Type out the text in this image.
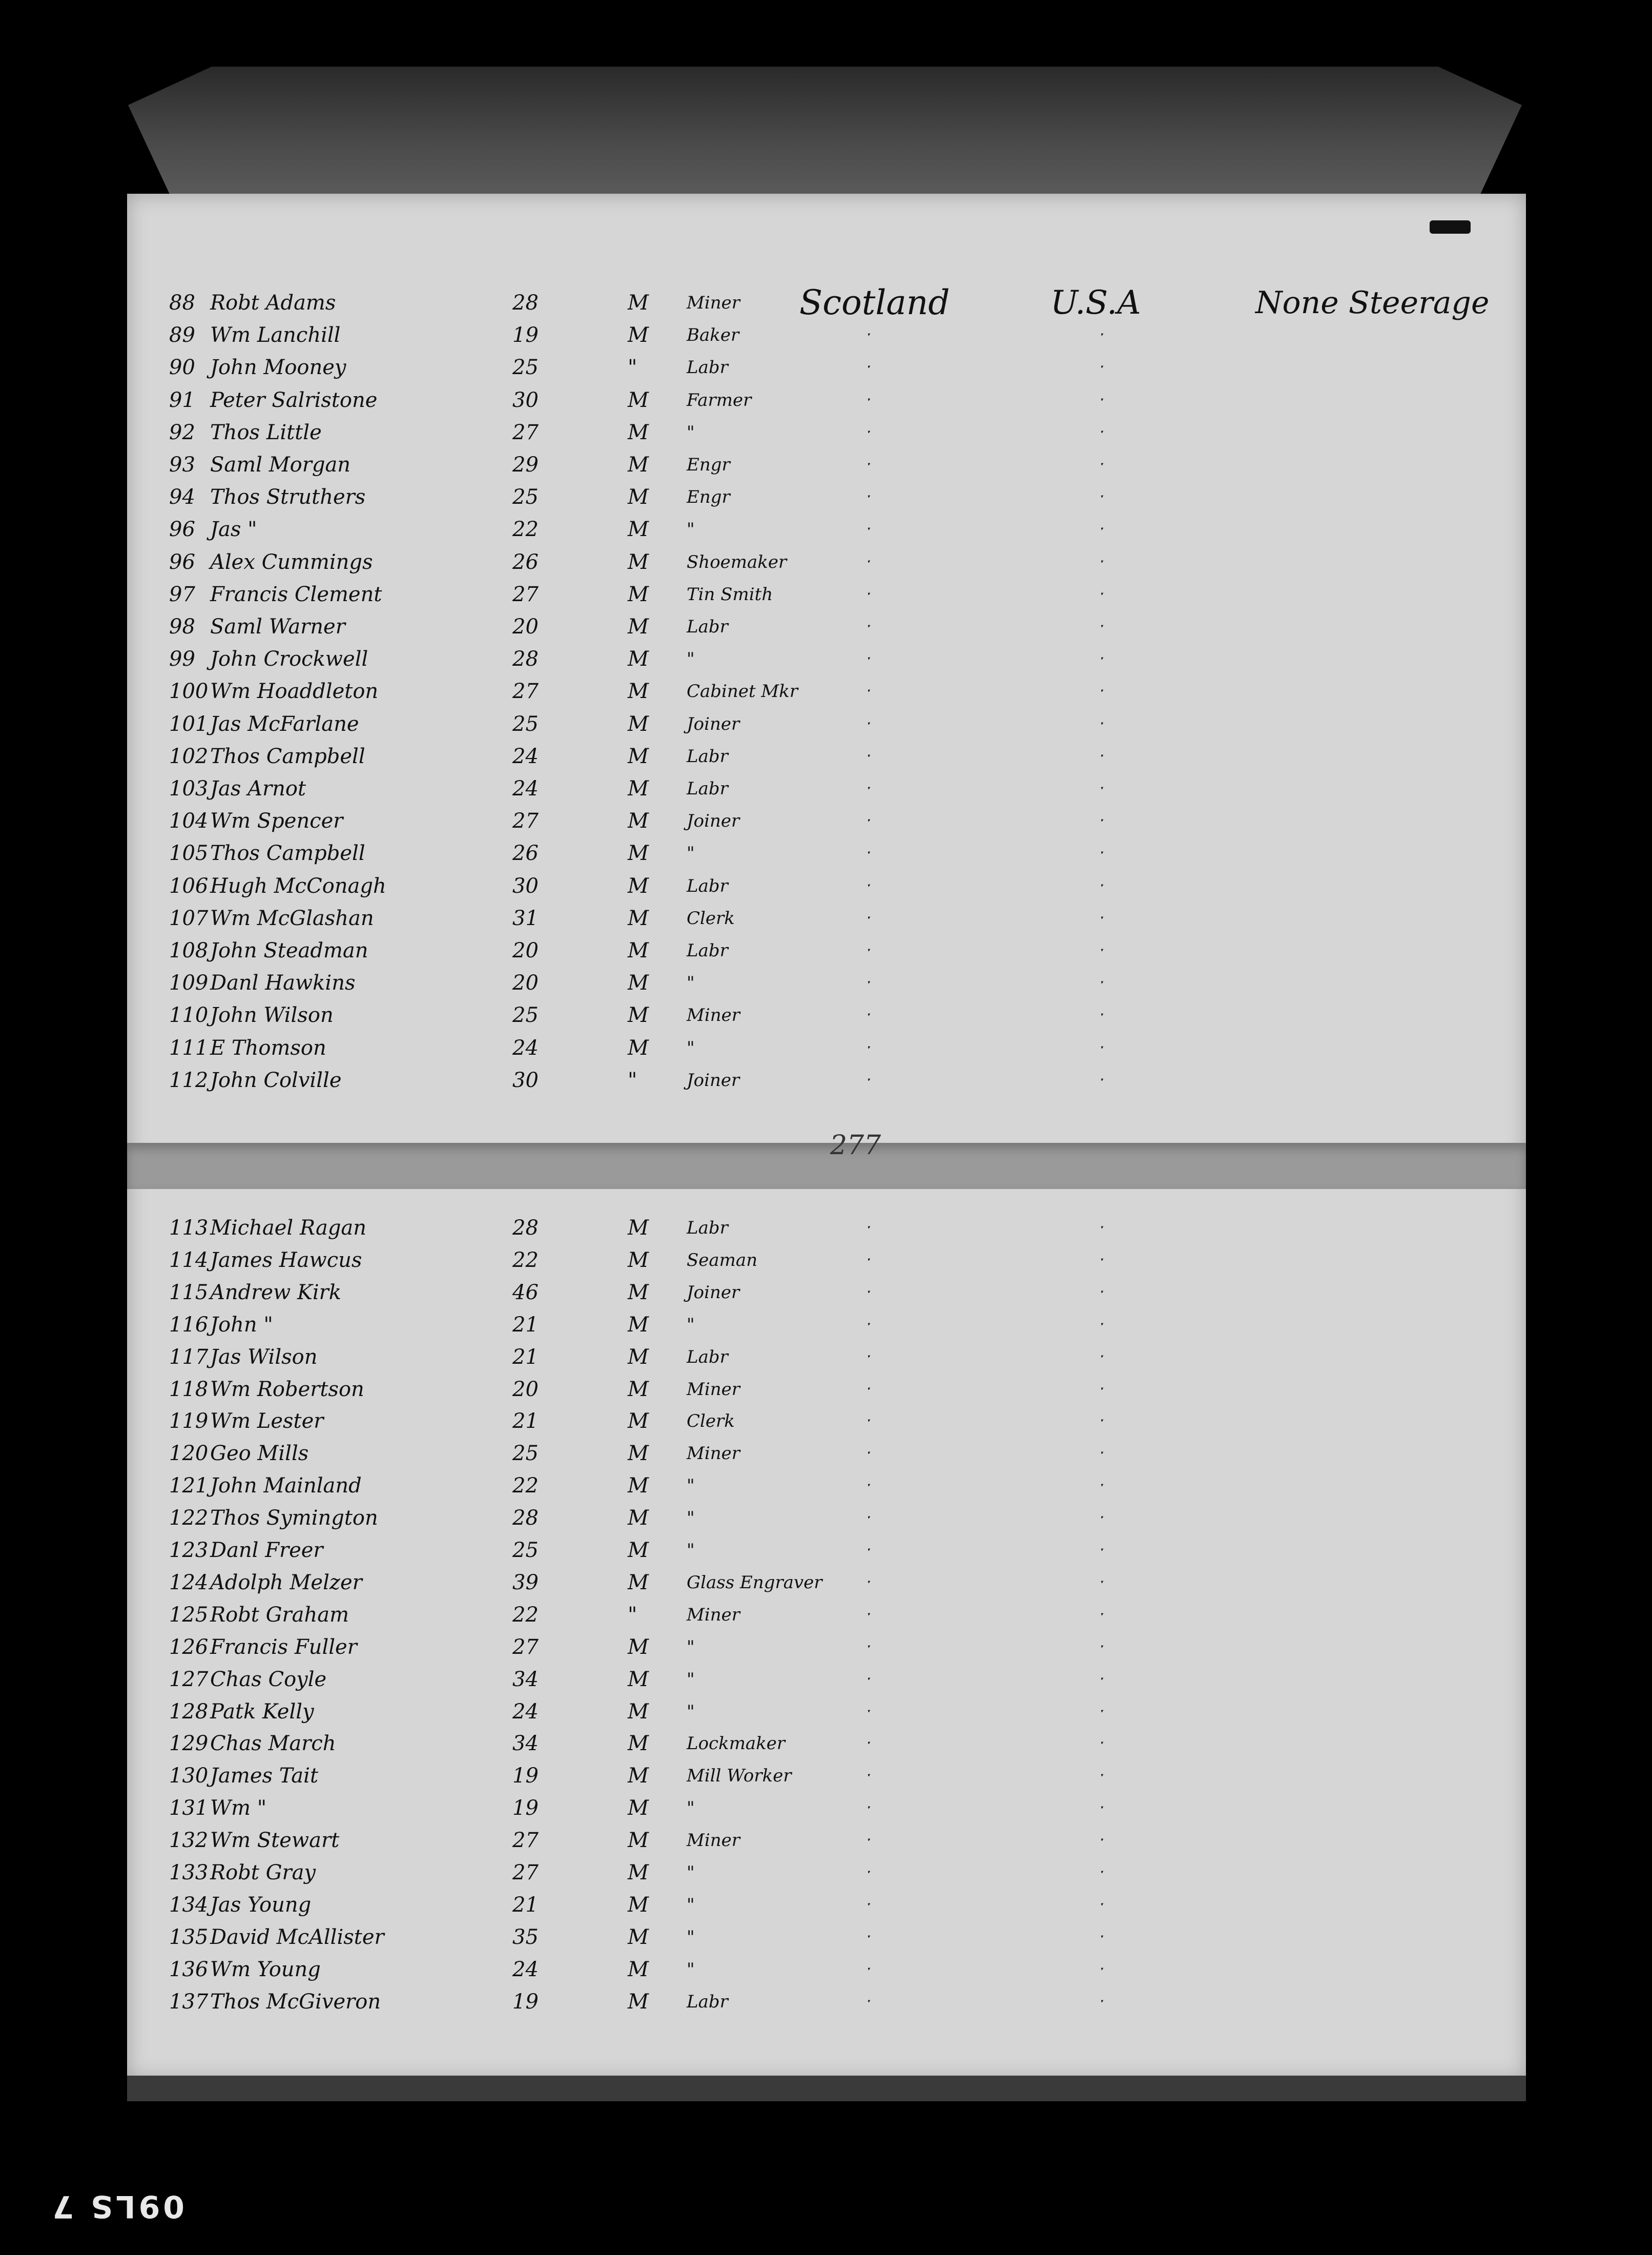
277
09LS 7
88 Robt Adams	28	M Miner Scotland	U.S.A	None Steerage
89 Wm Lanchill	19	M Baker	ˑ	ˑ
90 John Mooney	25	"	Labr	ˑ	ˑ
91 Peter Salristone	30	M Farmer	ˑ	ˑ
92 Thos Little	27	M "	ˑ	ˑ
93 Saml Morgan	29	M Engr	ˑ	ˑ
94 Thos Struthers	25	M Engr	ˑ	ˑ
96 Jas "	22	M "	ˑ	ˑ
96 Alex Cummings	26	M Shoemaker	ˑ	ˑ
97 Francis Clement	27	M Tin Smith	ˑ	ˑ
98 Saml Warner	20	M Labr	ˑ	ˑ
99 John Crockwell	28	M "	ˑ	ˑ
100 Wm Hoaddleton	27	M Cabinet Mkr	ˑ	ˑ
101 Jas McFarlane	25	M Joiner	ˑ	ˑ
102 Thos Campbell	24	M Labr	ˑ	ˑ
103 Jas Arnot	24	M Labr	ˑ	ˑ
104 Wm Spencer	27	M Joiner	ˑ	ˑ
105 Thos Campbell	26	M "	ˑ	ˑ
106 Hugh McConagh	30	M Labr	ˑ	ˑ
107 Wm McGlashan	31	M Clerk	ˑ	ˑ
108 John Steadman	20	M Labr	ˑ	ˑ
109 Danl Hawkins	20	M "	ˑ	ˑ
110 John Wilson	25	M Miner	ˑ	ˑ
111 E Thomson	24	M "	ˑ	ˑ
112 John Colville	30	"	Joiner	ˑ	ˑ
113 Michael Ragan	28	M Labr	ˑ	ˑ
114 James Hawcus	22	M Seaman	ˑ	ˑ
115 Andrew Kirk	46	M Joiner	ˑ	ˑ
116 John "	21	M "	ˑ	ˑ
117 Jas Wilson	21	M Labr	ˑ	ˑ
118 Wm Robertson	20	M Miner	ˑ	ˑ
119 Wm Lester	21	M Clerk	ˑ	ˑ
120 Geo Mills	25	M Miner	ˑ	ˑ
121 John Mainland	22	M "	ˑ	ˑ
122 Thos Symington	28	M "	ˑ	ˑ
123 Danl Freer	25	M "	ˑ	ˑ
124 Adolph Melzer	39	M Glass Engraver	ˑ	ˑ
125 Robt Graham	22	"	Miner	ˑ	ˑ
126 Francis Fuller	27	M "	ˑ	ˑ
127 Chas Coyle	34	M "	ˑ	ˑ
128 Patk Kelly	24	M "	ˑ	ˑ
129 Chas March	34	M Lockmaker	ˑ	ˑ
130 James Tait	19	M Mill Worker	ˑ	ˑ
131 Wm "	19	M "	ˑ	ˑ
132 Wm Stewart	27	M Miner	ˑ	ˑ
133 Robt Gray	27	M "	ˑ	ˑ
134 Jas Young	21	M "	ˑ	ˑ
135 David McAllister	35	M "	ˑ	ˑ
136 Wm Young	24	M "	ˑ	ˑ
137 Thos McGiveron	19	M Labr	ˑ	ˑ
